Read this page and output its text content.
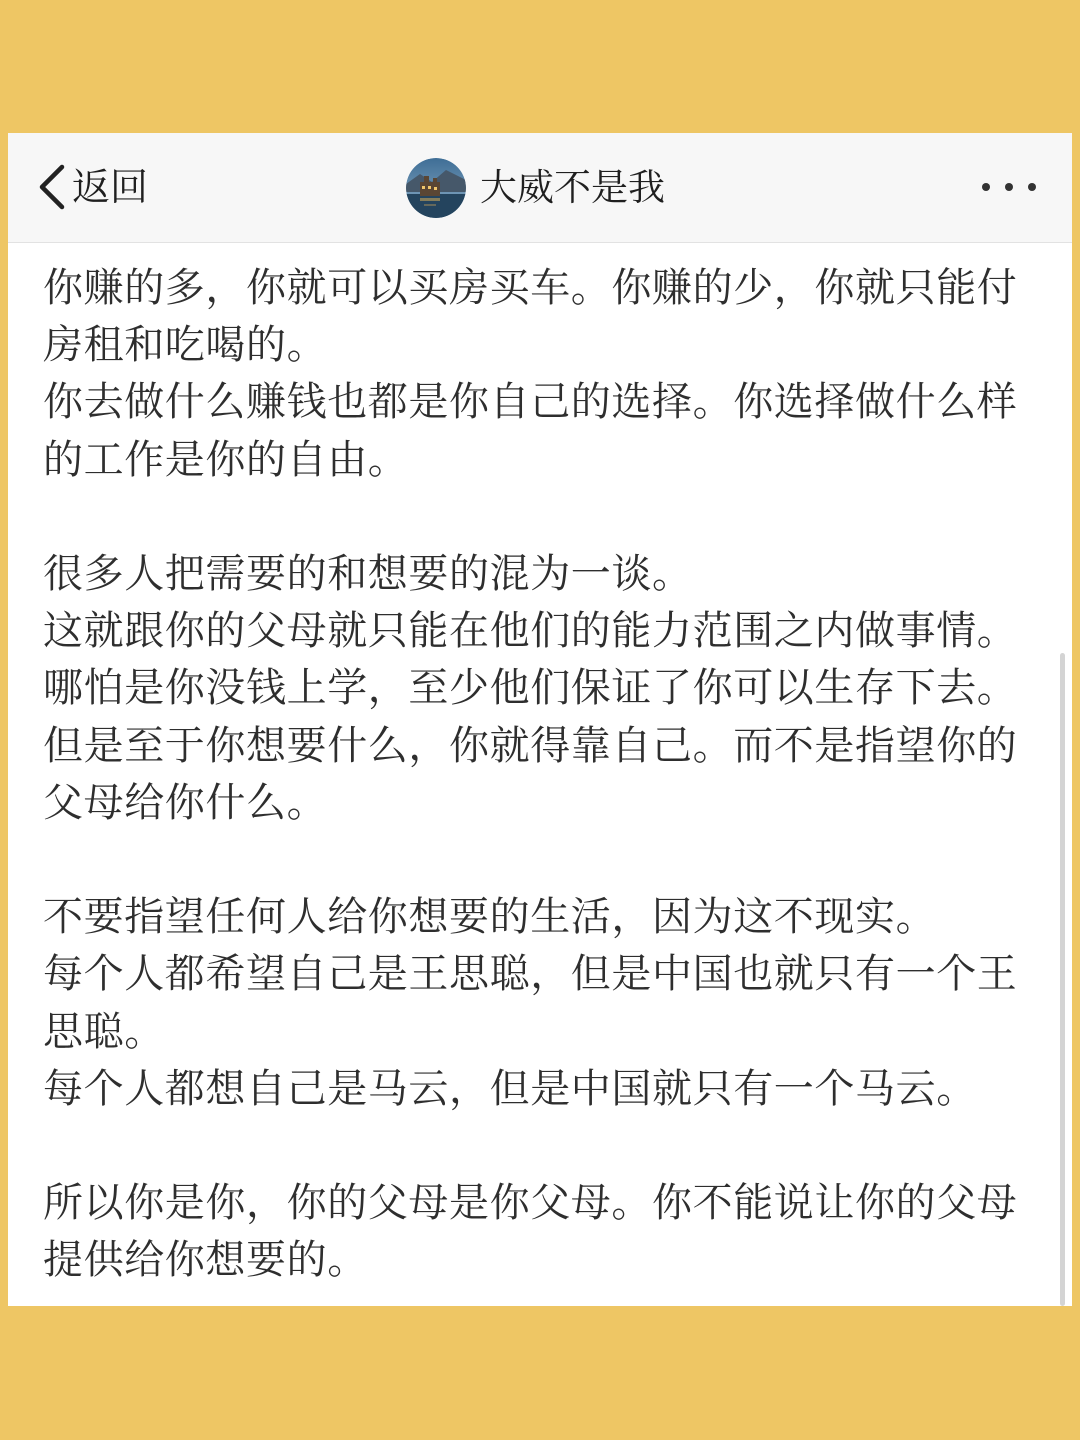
返回	大威不是我

你赚的多，你就可以买房买车。你赚的少，你就只能付
房租和吃喝的。
你去做什么赚钱也都是你自己的选择。你选择做什么样
的工作是你的自由。

很多人把需要的和想要的混为一谈。
这就跟你的父母就只能在他们的能力范围之内做事情。
哪怕是你没钱上学，至少他们保证了你可以生存下去。
但是至于你想要什么，你就得靠自己。而不是指望你的
父母给你什么。

不要指望任何人给你想要的生活，因为这不现实。
每个人都希望自己是王思聪，但是中国也就只有一个王
思聪。
每个人都想自己是马云，但是中国就只有一个马云。

所以你是你，你的父母是你父母。你不能说让你的父母
提供给你想要的。
